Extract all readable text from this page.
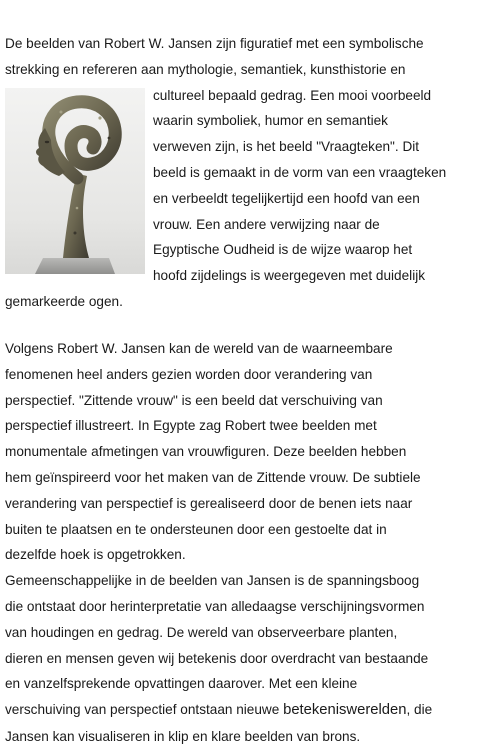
De beelden van Robert W. Jansen zijn figuratief met een symbolische
strekking en refereren aan mythologie, semantiek, kunsthistorie en
cultureel bepaald gedrag. Een mooi voorbeeld
waarin symboliek, humor en semantiek
verweven zijn, is het beeld "Vraagteken". Dit
beeld is gemaakt in de vorm van een vraagteken
en verbeeldt tegelijkertijd een hoofd van een
vrouw. Een andere verwijzing naar de
Egyptische Oudheid is de wijze waarop het
hoofd zijdelings is weergegeven met duidelijk
gemarkeerde ogen.
Volgens Robert W. Jansen kan de wereld van de waarneembare
fenomenen heel anders gezien worden door verandering van
perspectief. "Zittende vrouw" is een beeld dat verschuiving van
perspectief illustreert. In Egypte zag Robert twee beelden met
monumentale afmetingen van vrouwfiguren. Deze beelden hebben
hem geïnspireerd voor het maken van de Zittende vrouw. De subtiele
verandering van perspectief is gerealiseerd door de benen iets naar
buiten te plaatsen en te ondersteunen door een gestoelte dat in
dezelfde hoek is opgetrokken.
Gemeenschappelijke in de beelden van Jansen is de spanningsboog
die ontstaat door herinterpretatie van alledaagse verschijningsvormen
van houdingen en gedrag. De wereld van observeerbare planten,
dieren en mensen geven wij betekenis door overdracht van bestaande
en vanzelfsprekende opvattingen daarover. Met een kleine
verschuiving van perspectief ontstaan nieuwe betekeniswerelden, die
Jansen kan visualiseren in klip en klare beelden van brons.
